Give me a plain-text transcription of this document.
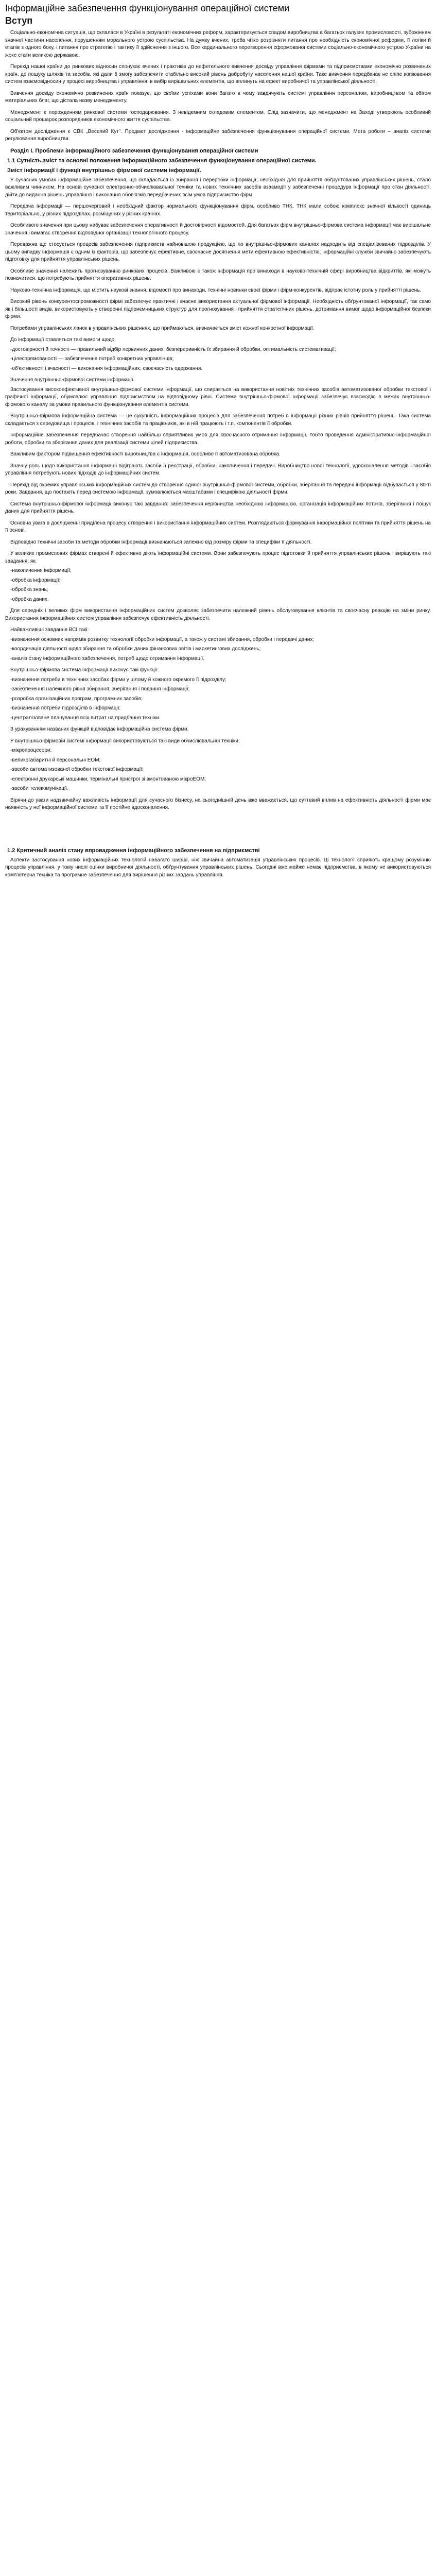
Інформаційне забезпечення функціонування операційної системи
Вступ

Соціально-економічна ситуація, що склалася в Україні в результаті економічних реформ, характеризується спадом виробництва в багатьох галузях промисловості, зубожінням значної частини населення, порушенням морального устрою суспільства. На думку вчених, треба чітко розрізняти питання про необхідність економічної реформи, її логіки й етапів з одного боку, і питання про стратегію і тактику її здійснення з іншого. Все кардинального перетворення сформованої системи соціально-економічного устрою України на жоке стати великою державою.

Перехід нашої країни до ринкових відносин спонукає вчених і практиків до нефетельного вивчення досвіду управління фірмами та підприємствами економічно розвинених країн, до пошуку шляхів та засобів, які дали б змогу забезпечити стабільно високий рівень добробуту населення нашої країни. Таке вивчення передбачає не сліпе копіювання систем взаємовідносин у процесі виробництва і управління, в вибір вирішальних елементів, що вплинуть на ефект виробничої та управлінської діяльності.

Вивчення досвіду економічно розвинених країн показує, що своїми успіхами вони багато в чому завдячують системі управління персоналом, виробництвом та обігом матеріальних благ, що дістала назву менеджменту.

Менеджмент є порожденням ринкової системи господарювання. З невідємним складовим елементом. Слід зазначити, що менеджмент на Заході утворюють особливий соціальний прошарок розпорядників економічного життя суспільства.

Об'єктом дослідження є СВК „Веселий Кут". Предмет дослідження - інформаційне забезпечення функціонування операційної системи. Мета роботи – аналіз системи регулювання виробництва.

Розділ І. Проблеми інформаційного забезпечення функціонування операційної системи
1.1 Сутність,зміст та основні положення інформаційного забезпечення функціонування операційної системи.
Зміст інформації і функції внутрішньо фірмової системи інформації.

У сучасних умовах інформаційне забезпечення, що складається із збирання і переробки інформації, необхідної для прийняття обґрунтованих управлінських рішень, стало важливим чинником. На основі сучасної електронно-обчислювальної техніки та нових технічних засобів взаємодії у забезпеченні процедура інформації про стан діяльності, дійти до видання рішень управління і виконання обов'язків передбачених всім умов підприємство фірм.

Передача інформації — першочерговий і необхідний фактор нормального функціонування фірм, особливо ТНК. ТНК мали собою комплекс значної кількості одиниць територіально, у різних підрозділах, розміщених у різних країнах.

Особливого значення при цьому набуває забезпечення оперативності й достовірності відомостей. Для багатьох фірм внутрішньо-фірмова система інформації має вирішальне значення і вимагає створення відповідної організації технологічного процесу.

Переважна ще стосується процесів забезпечення підприємств найновішою продукцією, що по внутрішньо-фірмових каналах надходить від спеціалізованих підрозділів. У цьому випадку інформація є одним із факторів, що забезпечує ефективне, своєчасне досягнення мети ефективною ефективністю, інформаційні служби звичайно забезпечують підготовку для прийняття управлінських рішень.

Особливе значення належить прогнозуванню ринкових процесів. Важливою є також інформація про винаходи в науково-технічній сфері виробництва відкриттів, які можуть позначитися, що потребують прийняття оперативних рішень.

Науково-технічна інформація, що містить наукові знання, відомості про винаходи, технічні новинки своєї фірми і фірм-конкурентів, відіграє істотну роль у прийнятті рішень.

Високий рівень конкурентоспроможності фірмі забезпечує практичні і вчасне використання актуальної фірмової інформації. Необхідність обґрунтованої інформації, так само як і більшості видів, використовують у створенні підприємницьких структур для прогнозування і прийняття стратегічних рішень, дотримання вимог щодо інформаційної безпеки фірми.

Потребами управлінських ланок в управлінських рішеннях, що приймаються, визначається зміст кожної конкретної інформації.

До інформації ставляться такі вимоги щодо:

-достовірності й точності — правильний відбір первинних даних, безпереривність їх збирання й обробки, оптимальність систематизації;

-цілеспрямованості — забезпечення потреб конкретних управлінців;

-об'єктивності і вчасності — виконання інформаційних, своєчасність одержання.

Значення внутрішньо-фірмової системи інформації.

Застосування високоефективної внутрішньо-фірмової системи інформації, що спирається на використання новітніх технічних засобів автоматизованої обробки текстової і графічної інформації, обумовлює управління підприємством на відповідному рівні. Система внутрішньо-фірмової інформації забезпечує взаємодію в межах внутрішньо-фірмового каналу за умови правильного функціонування елементів системи.

Внутрішньо-фірмова інформаційна система — це сукупність інформаційних процесів для забезпечення потреб в інформації різних рівнів прийняття рішень. Така система складається з середовища і процесів, і технічних засобів та працівників, які в ній працюють і т.п. компонентів її обробки.

Інформаційне забезпечення передбачає створення найбільш сприятливих умов для своєчасного отримання інформації, тобто проведення адміністративно-інформаційної роботи, обробки та зберігання даних для реалізації системи цілей підприємства.

Важливим фактором підвищення ефективності виробництва є інформація, особливо її автоматизована обробка.

Значну роль щодо використання інформації відіграють засоби її реєстрації, обробки, накопичення і передачі. Виробництво нової технології, удосконалення методів і засобів управління потребують нових підходів до інформаційних систем.

Перехід від окремих управлінських інформаційних систем до створення єдиної внутрішньо-фірмової системи, обробки, зберігання та передачі інформації відбувається у 80-ті роки. Завдання, що постають перед системою інформації, зумовлюються масштабами і специфікою діяльності фірми.

Система внутрішньо-фірмової інформації виконує такі завдання: забезпечення керівництва необхідною інформацією, організація інформаційних потоків, зберігання і пошук даних для прийняття рішень.

Основна увага в дослідженні приділена процесу створення і використання інформаційних систем. Розглядаються формування інформаційної політики та прийняття рішень на її основі.

Відповідно технічні засоби та методи обробки інформації визначаються залежно від розміру фірми та специфіки її діяльності.

У великих промислових фірмах створені й ефективно діють інформаційні системи. Вони забезпечують процес підготовки й прийняття управлінських рішень і вирішують такі завдання, як:

-накопичення інформації;

-обробка інформації;

-обробка знань;

-обробка даних.

Для середніх і великих фірм використання інформаційних систем дозволяє забезпечити належний рівень обслуговування клієнтів та своєчасну реакцію на зміни ринку. Використання інформаційних систем управління забезпечує ефективність діяльності.

Найважливіші завдання ВСІ такі:

-визначення основних напрямів розвитку технології обробки інформації, а також у системі збирання, обробки і передачі даних;

-координація діяльності щодо збирання та обробки даних фінансових звітів і маркетингових досліджень;

-аналіз стану інформаційного забезпечення, потреб щодо отримання інформації.

Внутрішньо-фірмова система інформації виконує такі функції:

-визначення потреби в технічних засобах фірми у цілому й кожного окремого її підрозділу;

-забезпечення належного рівня збирання, зберігання і подання інформації;

-розробка організаційних програм, програмних засобів;

-визначення потреби підрозділів в інформації;

-централізоване планування всіх витрат на придбання техніки.

З урахуванням названих функцій відповідає інформаційна система фірми.

У внутрішньо-фірмовій системі інформації використовуються такі види обчислювальної техніки:

-мікропроцесори;

-великогабаритні й персональні ЕОМ;

-засоби автоматизованої обробки текстової інформації;

-електронні друкарські машинки, термінальні пристрої зі вмонтованою мікроЕОМ;

-засоби телекомунікації.

Вірячи до уваги надзвичайну важливість інформації для сучасного бізнесу, на сьогоднішній день вже вважається, що суттєвий вплив на ефективність діяльності фірми має наявність у неї інформаційної системи та її постійне вдосконалення.

1.2 Критичний аналіз стану впровадження інформаційного забезпечення на підприємстві

Аспекти застосування нових інформаційних технологій набагато ширші, ніж звичайна автоматизація управлінських процесів. Ці технології сприяють кращому розумінню процесів управління, у тому числі оцінки виробничої діяльності, обґрунтування управлінських рішень. Сьогодні вже майже немає підприємства, в якому не використовуються комп'ютерна техніка та програмне забезпечення для вирішення різних завдань управління.
